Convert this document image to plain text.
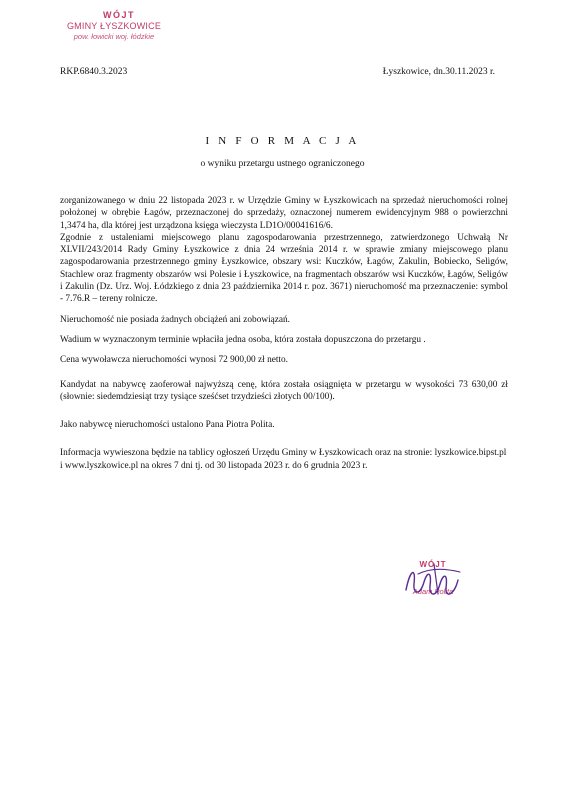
WÓJT
GMINY ŁYSZKOWICE
pow. łowicki woj. łódzkie
RKP.6840.3.2023	Łyszkowice, dn.30.11.2023 r.
I N F O R M A C J A
o wyniku przetargu ustnego ograniczonego

zorganizowanego w dniu 22 listopada 2023 r. w Urzędzie Gminy w Łyszkowicach na sprzedaż nieruchomości rolnej położonej w obrębie Łagów, przeznaczonej do sprzedaży, oznaczonej numerem ewidencyjnym 988 o powierzchni 1,3474 ha, dla której jest urządzona księga wieczysta LD1O/00041616/6.

Zgodnie z ustaleniami miejscowego planu zagospodarowania przestrzennego, zatwierdzonego Uchwałą Nr XLVII/243/2014 Rady Gminy Łyszkowice z dnia 24 września 2014 r. w sprawie zmiany miejscowego planu zagospodarowania przestrzennego gminy Łyszkowice, obszary wsi: Kuczków, Łagów, Zakulin, Bobiecko, Seligów, Stachlew oraz fragmenty obszarów wsi Polesie i Łyszkowice, na fragmentach obszarów wsi Kuczków, Łagów, Seligów i Zakulin (Dz. Urz. Woj. Łódzkiego z dnia 23 października 2014 r. poz. 3671) nieruchomość ma przeznaczenie: symbol - 7.76.R – tereny rolnicze.

Nieruchomość nie posiada żadnych obciążeń ani zobowiązań.

Wadium w wyznaczonym terminie wpłaciła jedna osoba, która została dopuszczona do przetargu .

Cena wywoławcza nieruchomości wynosi 72 900,00 zł netto.

Kandydat na nabywcę zaoferował najwyższą cenę, która została osiągnięta w przetargu w wysokości 73 630,00 zł (słownie: siedemdziesiąt trzy tysiące sześćset trzydzieści złotych 00/100).

Jako nabywcę nieruchomości ustalono Pana Piotra Polita.

Informacja wywieszona będzie na tablicy ogłoszeń Urzędu Gminy w Łyszkowicach oraz na stronie: lyszkowice.bipst.pl i www.lyszkowice.pl na okres 7 dni tj. od 30 listopada 2023 r. do 6 grudnia 2023 r.

WÓJT
Adam Polita
